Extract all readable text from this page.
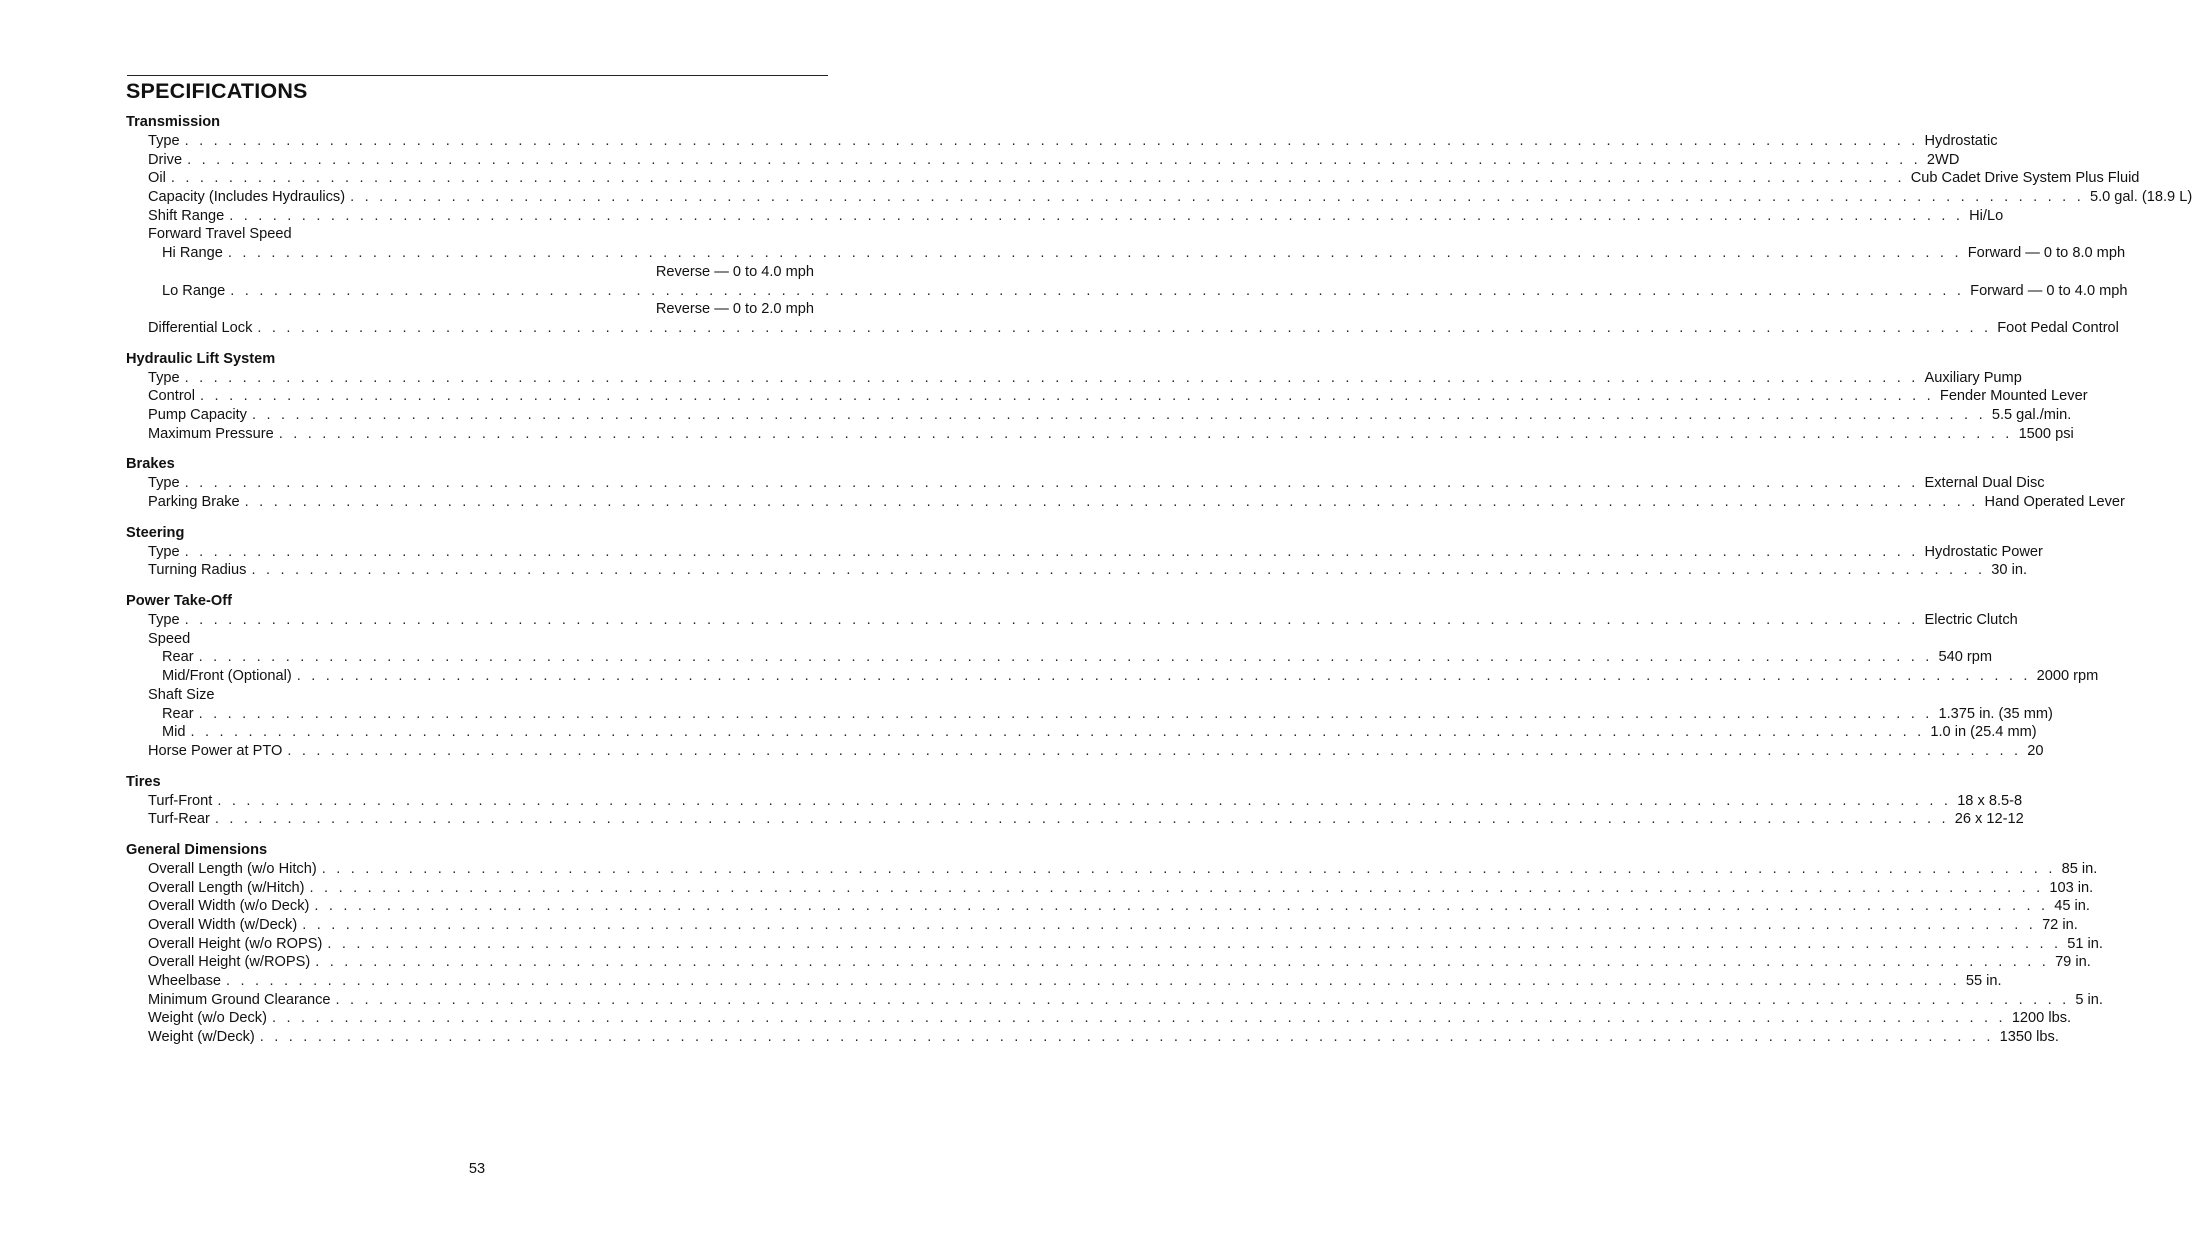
SPECIFICATIONS
Transmission
Type . . . . . . . . . . . . . . . . . . . . . . . . . . . . . . . . . . . . . . . . . . . . . . . . . . . . . . . . . . . . . . . . . . . . . . . . . . . . . . . . . . . . . . . . . . . . . . . . . . . . . . . . . . . . . . . . . . . . . . . . Hydrostatic
Drive . . . . . . . . . . . . . . . . . . . . . . . . . . . . . . . . . . . . . . . . . . . . . . . . . . . . . . . . . . . . . . . . . . . . . . . . . . . . . . . . . . . . . . . . . . . . . . . . . . . . . . . . . . . . . . . . . . . . . . . . 2WD
Oil . . . . . . . . . . . . . . . . . . . . . . . . . . . . . . . . . . . . . . . . . . . . . . . . . . . . . . . . . . . . . . . . . . . . . . . . . . . . . . . . . . . . . . . . . . . . . . . . . . . . . . . . . . . . . . . . . . . . . . . . Cub Cadet Drive System Plus Fluid
Capacity (Includes Hydraulics) . . . . . . . . . . . . . . . . . . . . . . . . . . . . . . . . . . . . . . . . . . . . . . . . . . . . . . . . . . . . . . . . . . . . . . . . . . . . . . . . . . . . . . . . . . . . . . . . . . . . . . . . . . . . . . . . . . . . . . . . 5.0 gal. (18.9 L)
Shift Range . . . . . . . . . . . . . . . . . . . . . . . . . . . . . . . . . . . . . . . . . . . . . . . . . . . . . . . . . . . . . . . . . . . . . . . . . . . . . . . . . . . . . . . . . . . . . . . . . . . . . . . . . . . . . . . . . . . . . . . . Hi/Lo
Forward Travel Speed
Hi Range . . . . . . . . . . . . . . . . . . . . . . . . . . . . . . . . . . . . . . . . . . . . . . . . . . . . . . . . . . . . . . . . . . . . . . . . . . . . . . . . . . . . . . . . . . . . . . . . . . . . . . . . . . . . . . . . . . . . . . . . Forward — 0 to 8.0 mph
Reverse — 0 to 4.0 mph
Lo Range . . . . . . . . . . . . . . . . . . . . . . . . . . . . . . . . . . . . . . . . . . . . . . . . . . . . . . . . . . . . . . . . . . . . . . . . . . . . . . . . . . . . . . . . . . . . . . . . . . . . . . . . . . . . . . . . . . . . . . . . Forward — 0 to 4.0 mph
Reverse — 0 to 2.0 mph
Differential Lock . . . . . . . . . . . . . . . . . . . . . . . . . . . . . . . . . . . . . . . . . . . . . . . . . . . . . . . . . . . . . . . . . . . . . . . . . . . . . . . . . . . . . . . . . . . . . . . . . . . . . . . . . . . . . . . . . . . . . . . . Foot Pedal Control
Hydraulic Lift System
Type . . . . . . . . . . . . . . . . . . . . . . . . . . . . . . . . . . . . . . . . . . . . . . . . . . . . . . . . . . . . . . . . . . . . . . . . . . . . . . . . . . . . . . . . . . . . . . . . . . . . . . . . . . . . . . . . . . . . . . . . Auxiliary Pump
Control . . . . . . . . . . . . . . . . . . . . . . . . . . . . . . . . . . . . . . . . . . . . . . . . . . . . . . . . . . . . . . . . . . . . . . . . . . . . . . . . . . . . . . . . . . . . . . . . . . . . . . . . . . . . . . . . . . . . . . . . Fender Mounted Lever
Pump Capacity . . . . . . . . . . . . . . . . . . . . . . . . . . . . . . . . . . . . . . . . . . . . . . . . . . . . . . . . . . . . . . . . . . . . . . . . . . . . . . . . . . . . . . . . . . . . . . . . . . . . . . . . . . . . . . . . . . . . . . . . 5.5 gal./min.
Maximum Pressure . . . . . . . . . . . . . . . . . . . . . . . . . . . . . . . . . . . . . . . . . . . . . . . . . . . . . . . . . . . . . . . . . . . . . . . . . . . . . . . . . . . . . . . . . . . . . . . . . . . . . . . . . . . . . . . . . . . . . . . . 1500 psi
Brakes
Type . . . . . . . . . . . . . . . . . . . . . . . . . . . . . . . . . . . . . . . . . . . . . . . . . . . . . . . . . . . . . . . . . . . . . . . . . . . . . . . . . . . . . . . . . . . . . . . . . . . . . . . . . . . . . . . . . . . . . . . . External Dual Disc
Parking Brake . . . . . . . . . . . . . . . . . . . . . . . . . . . . . . . . . . . . . . . . . . . . . . . . . . . . . . . . . . . . . . . . . . . . . . . . . . . . . . . . . . . . . . . . . . . . . . . . . . . . . . . . . . . . . . . . . . . . . . . . Hand Operated Lever
Steering
Type . . . . . . . . . . . . . . . . . . . . . . . . . . . . . . . . . . . . . . . . . . . . . . . . . . . . . . . . . . . . . . . . . . . . . . . . . . . . . . . . . . . . . . . . . . . . . . . . . . . . . . . . . . . . . . . . . . . . . . . . Hydrostatic Power
Turning Radius . . . . . . . . . . . . . . . . . . . . . . . . . . . . . . . . . . . . . . . . . . . . . . . . . . . . . . . . . . . . . . . . . . . . . . . . . . . . . . . . . . . . . . . . . . . . . . . . . . . . . . . . . . . . . . . . . . . . . . . . 30 in.
Power Take-Off
Type . . . . . . . . . . . . . . . . . . . . . . . . . . . . . . . . . . . . . . . . . . . . . . . . . . . . . . . . . . . . . . . . . . . . . . . . . . . . . . . . . . . . . . . . . . . . . . . . . . . . . . . . . . . . . . . . . . . . . . . . Electric Clutch
Speed
Rear . . . . . . . . . . . . . . . . . . . . . . . . . . . . . . . . . . . . . . . . . . . . . . . . . . . . . . . . . . . . . . . . . . . . . . . . . . . . . . . . . . . . . . . . . . . . . . . . . . . . . . . . . . . . . . . . . . . . . . . . 540 rpm
Mid/Front (Optional) . . . . . . . . . . . . . . . . . . . . . . . . . . . . . . . . . . . . . . . . . . . . . . . . . . . . . . . . . . . . . . . . . . . . . . . . . . . . . . . . . . . . . . . . . . . . . . . . . . . . . . . . . . . . . . . . . . . . . . . . 2000 rpm
Shaft Size
Rear . . . . . . . . . . . . . . . . . . . . . . . . . . . . . . . . . . . . . . . . . . . . . . . . . . . . . . . . . . . . . . . . . . . . . . . . . . . . . . . . . . . . . . . . . . . . . . . . . . . . . . . . . . . . . . . . . . . . . . . . 1.375 in. (35 mm)
Mid . . . . . . . . . . . . . . . . . . . . . . . . . . . . . . . . . . . . . . . . . . . . . . . . . . . . . . . . . . . . . . . . . . . . . . . . . . . . . . . . . . . . . . . . . . . . . . . . . . . . . . . . . . . . . . . . . . . . . . . . 1.0 in (25.4 mm)
Horse Power at PTO . . . . . . . . . . . . . . . . . . . . . . . . . . . . . . . . . . . . . . . . . . . . . . . . . . . . . . . . . . . . . . . . . . . . . . . . . . . . . . . . . . . . . . . . . . . . . . . . . . . . . . . . . . . . . . . . . . . . . . . . 20
Tires
Turf-Front . . . . . . . . . . . . . . . . . . . . . . . . . . . . . . . . . . . . . . . . . . . . . . . . . . . . . . . . . . . . . . . . . . . . . . . . . . . . . . . . . . . . . . . . . . . . . . . . . . . . . . . . . . . . . . . . . . . . . . . . 18 x 8.5-8
Turf-Rear . . . . . . . . . . . . . . . . . . . . . . . . . . . . . . . . . . . . . . . . . . . . . . . . . . . . . . . . . . . . . . . . . . . . . . . . . . . . . . . . . . . . . . . . . . . . . . . . . . . . . . . . . . . . . . . . . . . . . . . . 26 x 12-12
General Dimensions
Overall Length (w/o Hitch) . . . . . . . . . . . . . . . . . . . . . . . . . . . . . . . . . . . . . . . . . . . . . . . . . . . . . . . . . . . . . . . . . . . . . . . . . . . . . . . . . . . . . . . . . . . . . . . . . . . . . . . . . . . . . . . . . . . . . . . . 85 in.
Overall Length (w/Hitch) . . . . . . . . . . . . . . . . . . . . . . . . . . . . . . . . . . . . . . . . . . . . . . . . . . . . . . . . . . . . . . . . . . . . . . . . . . . . . . . . . . . . . . . . . . . . . . . . . . . . . . . . . . . . . . . . . . . . . . . . 103 in.
Overall Width (w/o Deck) . . . . . . . . . . . . . . . . . . . . . . . . . . . . . . . . . . . . . . . . . . . . . . . . . . . . . . . . . . . . . . . . . . . . . . . . . . . . . . . . . . . . . . . . . . . . . . . . . . . . . . . . . . . . . . . . . . . . . . . . 45 in.
Overall Width (w/Deck) . . . . . . . . . . . . . . . . . . . . . . . . . . . . . . . . . . . . . . . . . . . . . . . . . . . . . . . . . . . . . . . . . . . . . . . . . . . . . . . . . . . . . . . . . . . . . . . . . . . . . . . . . . . . . . . . . . . . . . . . 72 in.
Overall Height (w/o ROPS) . . . . . . . . . . . . . . . . . . . . . . . . . . . . . . . . . . . . . . . . . . . . . . . . . . . . . . . . . . . . . . . . . . . . . . . . . . . . . . . . . . . . . . . . . . . . . . . . . . . . . . . . . . . . . . . . . . . . . . . . 51 in.
Overall Height (w/ROPS) . . . . . . . . . . . . . . . . . . . . . . . . . . . . . . . . . . . . . . . . . . . . . . . . . . . . . . . . . . . . . . . . . . . . . . . . . . . . . . . . . . . . . . . . . . . . . . . . . . . . . . . . . . . . . . . . . . . . . . . . 79 in.
Wheelbase . . . . . . . . . . . . . . . . . . . . . . . . . . . . . . . . . . . . . . . . . . . . . . . . . . . . . . . . . . . . . . . . . . . . . . . . . . . . . . . . . . . . . . . . . . . . . . . . . . . . . . . . . . . . . . . . . . . . . . . . 55 in.
Minimum Ground Clearance . . . . . . . . . . . . . . . . . . . . . . . . . . . . . . . . . . . . . . . . . . . . . . . . . . . . . . . . . . . . . . . . . . . . . . . . . . . . . . . . . . . . . . . . . . . . . . . . . . . . . . . . . . . . . . . . . . . . . . . . 5 in.
Weight (w/o Deck) . . . . . . . . . . . . . . . . . . . . . . . . . . . . . . . . . . . . . . . . . . . . . . . . . . . . . . . . . . . . . . . . . . . . . . . . . . . . . . . . . . . . . . . . . . . . . . . . . . . . . . . . . . . . . . . . . . . . . . . . 1200 lbs.
Weight (w/Deck) . . . . . . . . . . . . . . . . . . . . . . . . . . . . . . . . . . . . . . . . . . . . . . . . . . . . . . . . . . . . . . . . . . . . . . . . . . . . . . . . . . . . . . . . . . . . . . . . . . . . . . . . . . . . . . . . . . . . . . . . 1350 lbs.
53
